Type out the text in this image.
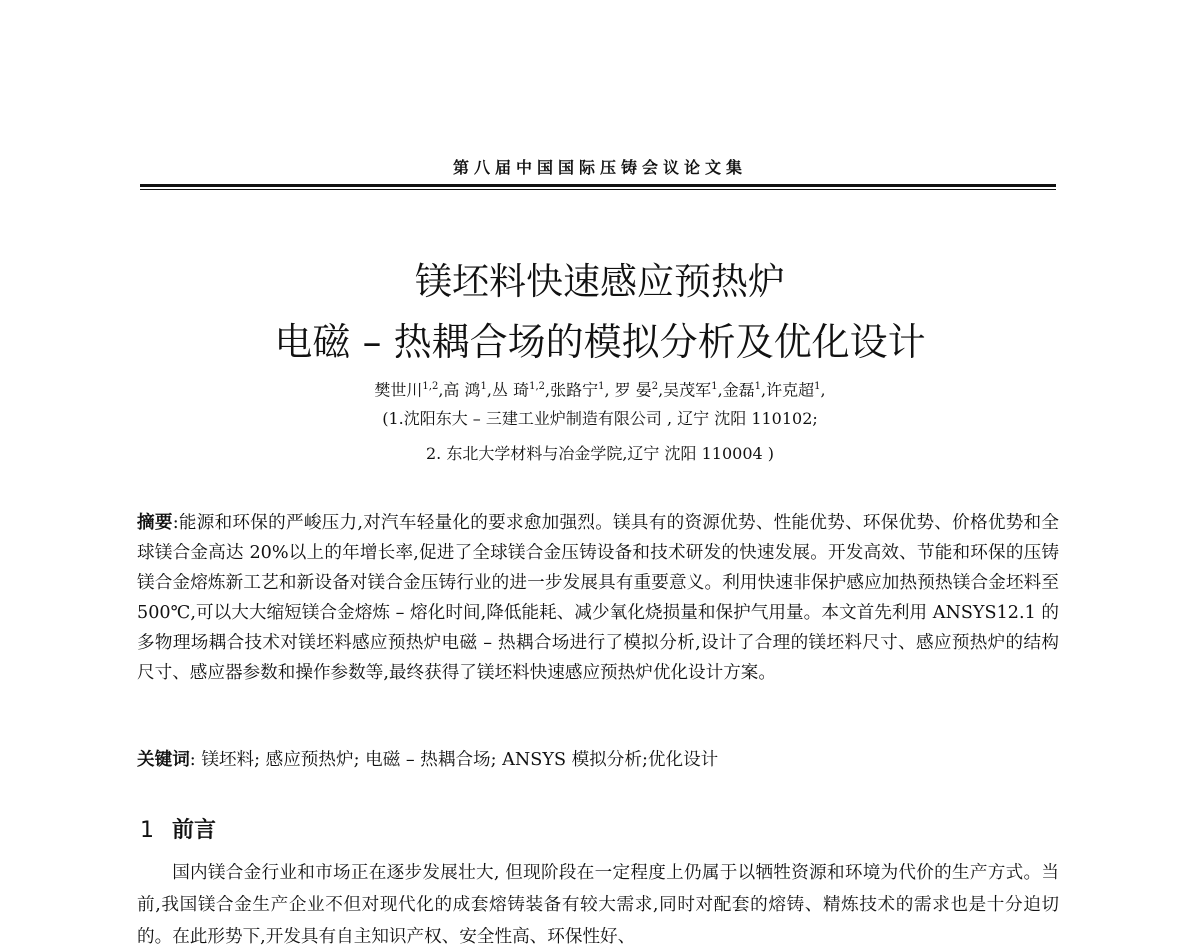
第八届中国国际压铸会议论文集
镁坯料快速感应预热炉
电磁 – 热耦合场的模拟分析及优化设计
樊世川$^{1,2}$,高 鸿$^1$,丛 琦$^{1,2}$,张路宁$^1$, 罗 晏$^2$,吴茂军$^1$,金磊$^1$,许克超$^1$,
(1.沈阳东大 – 三建工业炉制造有限公司 , 辽宁 沈阳 110102;
2. 东北大学材料与冶金学院,辽宁 沈阳 110004 )
摘要:能源和环保的严峻压力,对汽车轻量化的要求愈加强烈。镁具有的资源优势、性能优势、环保优势、价格优势和全球镁合金高达 20%以上的年增长率,促进了全球镁合金压铸设备和技术研发的快速发展。开发高效、节能和环保的压铸镁合金熔炼新工艺和新设备对镁合金压铸行业的进一步发展具有重要意义。利用快速非保护感应加热预热镁合金坯料至 500℃,可以大大缩短镁合金熔炼 – 熔化时间,降低能耗、减少氧化烧损量和保护气用量。本文首先利用 ANSYS12.1 的多物理场耦合技术对镁坯料感应预热炉电磁 – 热耦合场进行了模拟分析,设计了合理的镁坯料尺寸、感应预热炉的结构尺寸、感应器参数和操作参数等,最终获得了镁坯料快速感应预热炉优化设计方案。
关键词: 镁坯料; 感应预热炉; 电磁 – 热耦合场; ANSYS 模拟分析;优化设计
1 前言
国内镁合金行业和市场正在逐步发展壮大, 但现阶段在一定程度上仍属于以牺牲资源和环境为代价的生产方式。当前,我国镁合金生产企业不但对现代化的成套熔铸装备有较大需求,同时对配套的熔铸、精炼技术的需求也是十分迫切的。在此形势下,开发具有自主知识产权、安全性高、环保性好、
